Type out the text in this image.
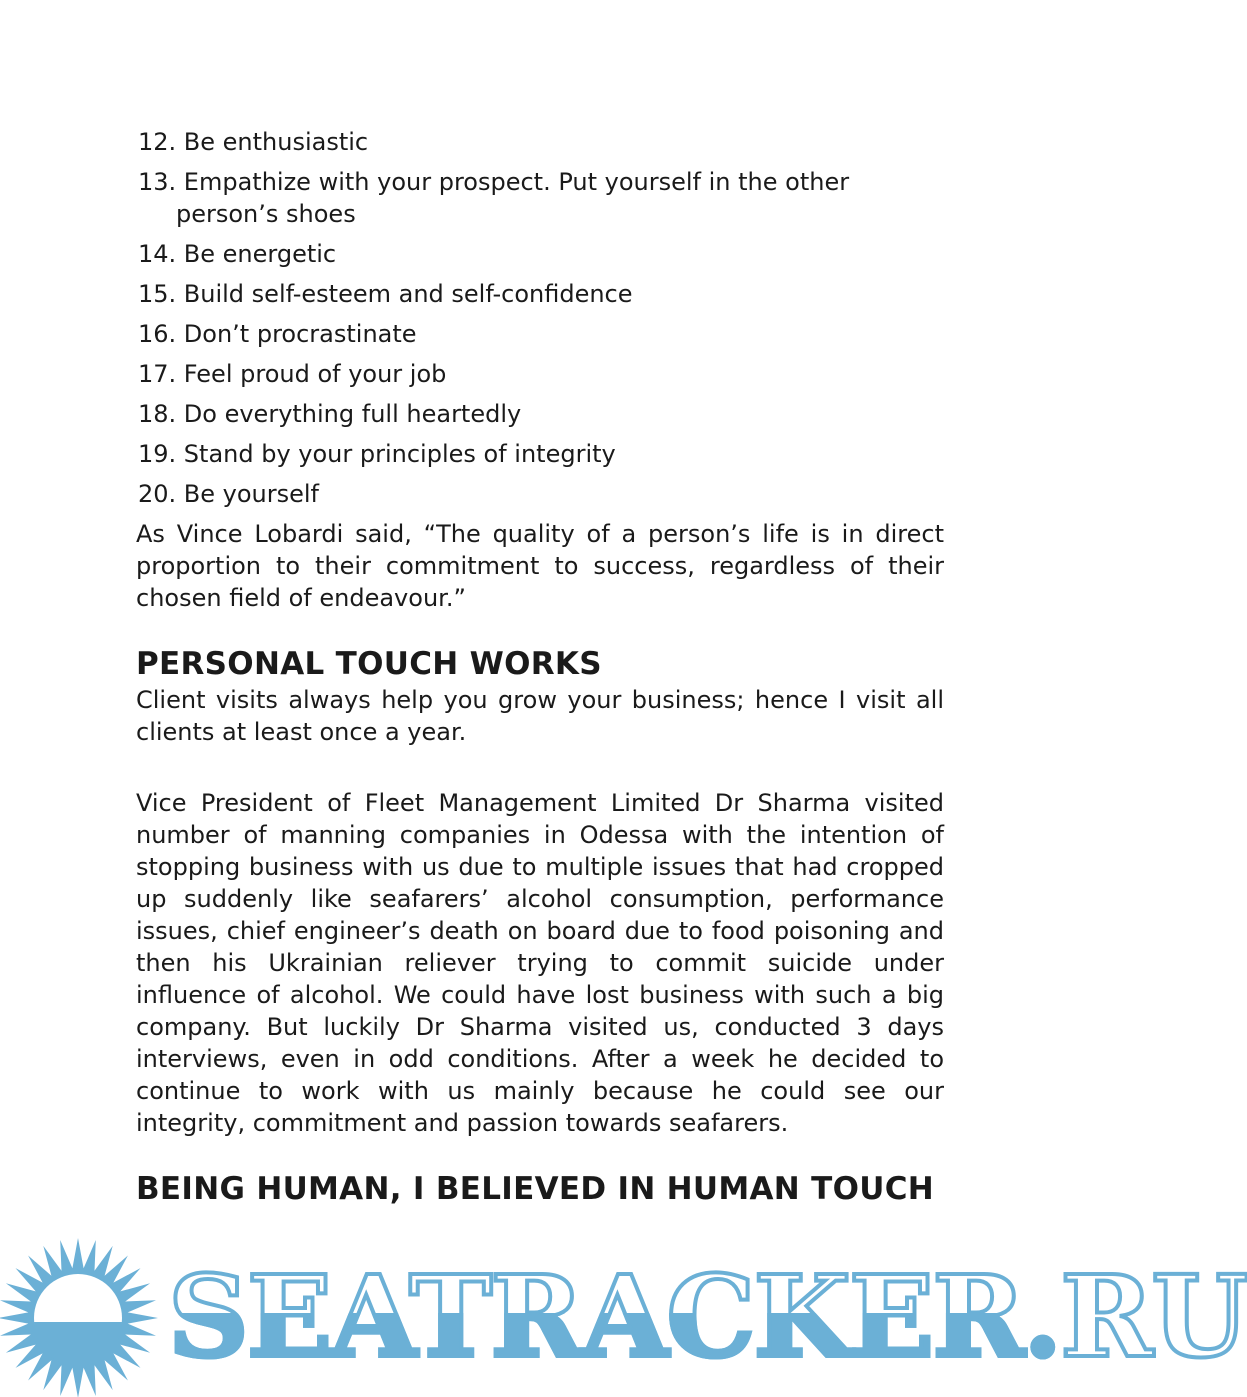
12. Be enthusiastic
13. Empathize with your prospect. Put yourself in the other person’s shoes
14. Be energetic
15. Build self-esteem and self-confidence
16. Don’t procrastinate
17. Feel proud of your job
18. Do everything full heartedly
19. Stand by your principles of integrity
20. Be yourself

As Vince Lobardi said, “The quality of a person’s life is in direct proportion to their commitment to success, regardless of their chosen field of endeavour.”

PERSONAL TOUCH WORKS

Client visits always help you grow your business; hence I visit all clients at least once a year.

Vice President of Fleet Management Limited Dr Sharma visited number of manning companies in Odessa with the intention of stopping business with us due to multiple issues that had cropped up suddenly like seafarers’ alcohol consumption, performance issues, chief engineer’s death on board due to food poisoning and then his Ukrainian reliever trying to commit suicide under influence of alcohol. We could have lost business with such a big company. But luckily Dr Sharma visited us, conducted 3 days interviews, even in odd conditions. After a week he decided to continue to work with us mainly because he could see our integrity, commitment and passion towards seafarers.

BEING HUMAN, I BELIEVED IN HUMAN TOUCH
SEATRACKER.RU
